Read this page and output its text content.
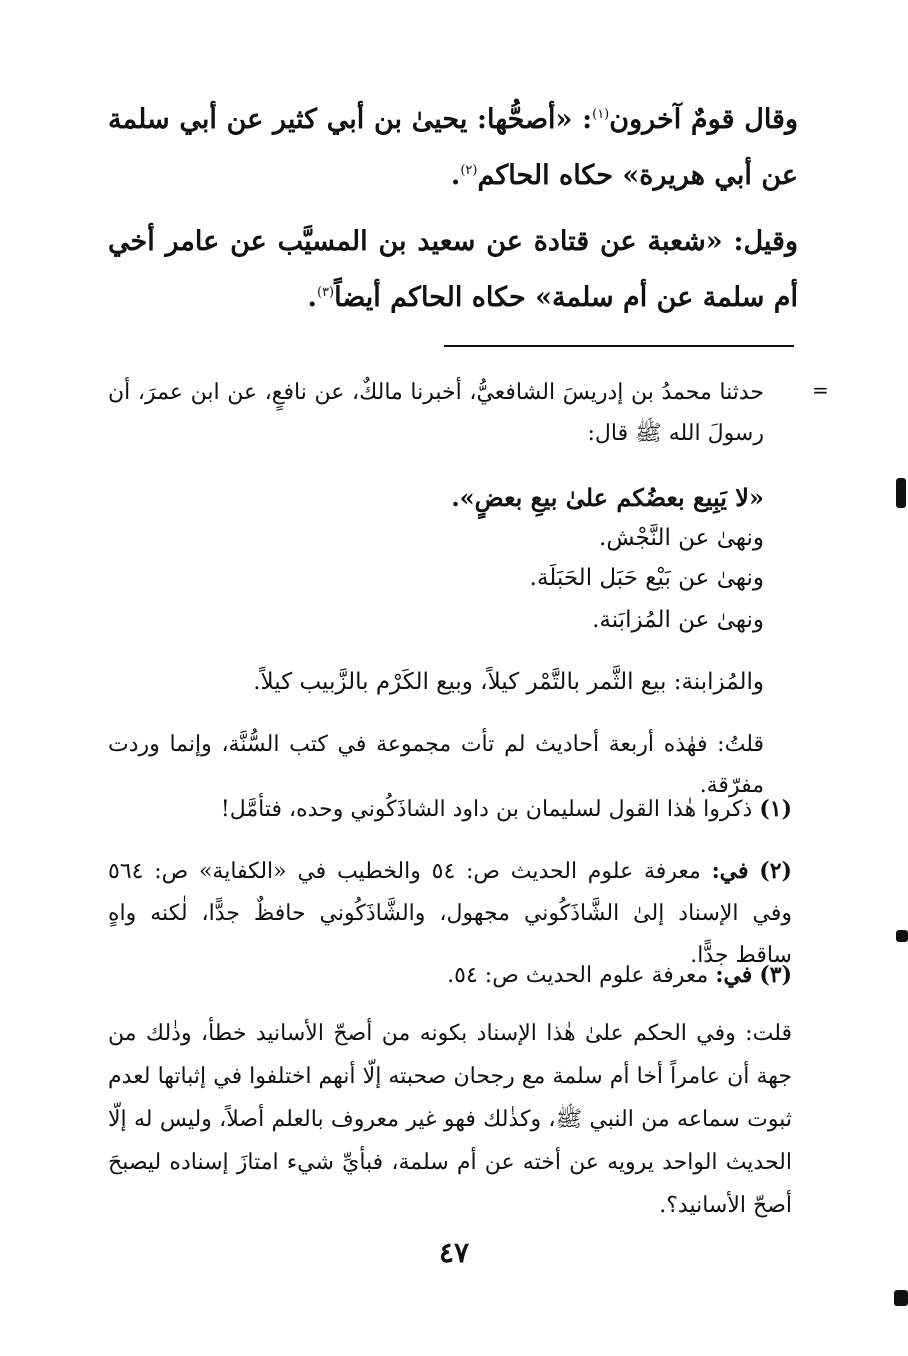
وقال قومٌ آخرون$^{(١)}$: «أصحُّها: يحيىٰ بن أبي كثير عن أبي سلمة عن أبي هريرة» حكاه الحاكم$^{(٢)}$.
وقيل: «شعبة عن قتادة عن سعيد بن المسيَّب عن عامر أخي أم سلمة عن أم سلمة» حكاه الحاكم أيضاً$^{(٣)}$.
=
حدثنا محمدُ بن إدريسَ الشافعيُّ، أخبرنا مالكٌ، عن نافعٍ، عن ابن عمرَ، أن رسولَ الله ﷺ قال:
«لا يَبِيع بعضُكم علىٰ بيعِ بعضٍ».
ونهىٰ عن النَّجْش.
ونهىٰ عن بَيْع حَبَل الحَبَلَة.
ونهىٰ عن المُزابَنة.
والمُزابنة: بيع الثَّمر بالتَّمْر كيلاً، وبيع الكَرْم بالزَّبيب كيلاً.
قلتُ: فهٰذه أربعة أحاديث لم تأت مجموعة في كتب السُّنَّة، وإنما وردت مفرّقة.
(١) ذكروا هٰذا القول لسليمان بن داود الشاذَكُوني وحده، فتأمَّل!
(٢) في: معرفة علوم الحديث ص: ٥٤ والخطيب في «الكفاية» ص: ٥٦٤ وفي الإسناد إلىٰ الشَّاذَكُوني مجهول، والشَّاذَكُوني حافظٌ جدًّا، لٰكنه واهٍ ساقط جدًّا.
(٣) في: معرفة علوم الحديث ص: ٥٤.
قلت: وفي الحكم علىٰ هٰذا الإسناد بكونه من أصحّ الأسانيد خطأ، وذٰلك من جهة أن عامراً أخا أم سلمة مع رجحان صحبته إلّا أنهم اختلفوا في إثباتها لعدم ثبوت سماعه من النبي ﷺ، وكذٰلك فهو غير معروف بالعلم أصلاً، وليس له إلّا الحديث الواحد يرويه عن أخته عن أم سلمة، فبأيِّ شيء امتازَ إسناده ليصبحَ أصحّ الأسانيد؟.
٤٧
